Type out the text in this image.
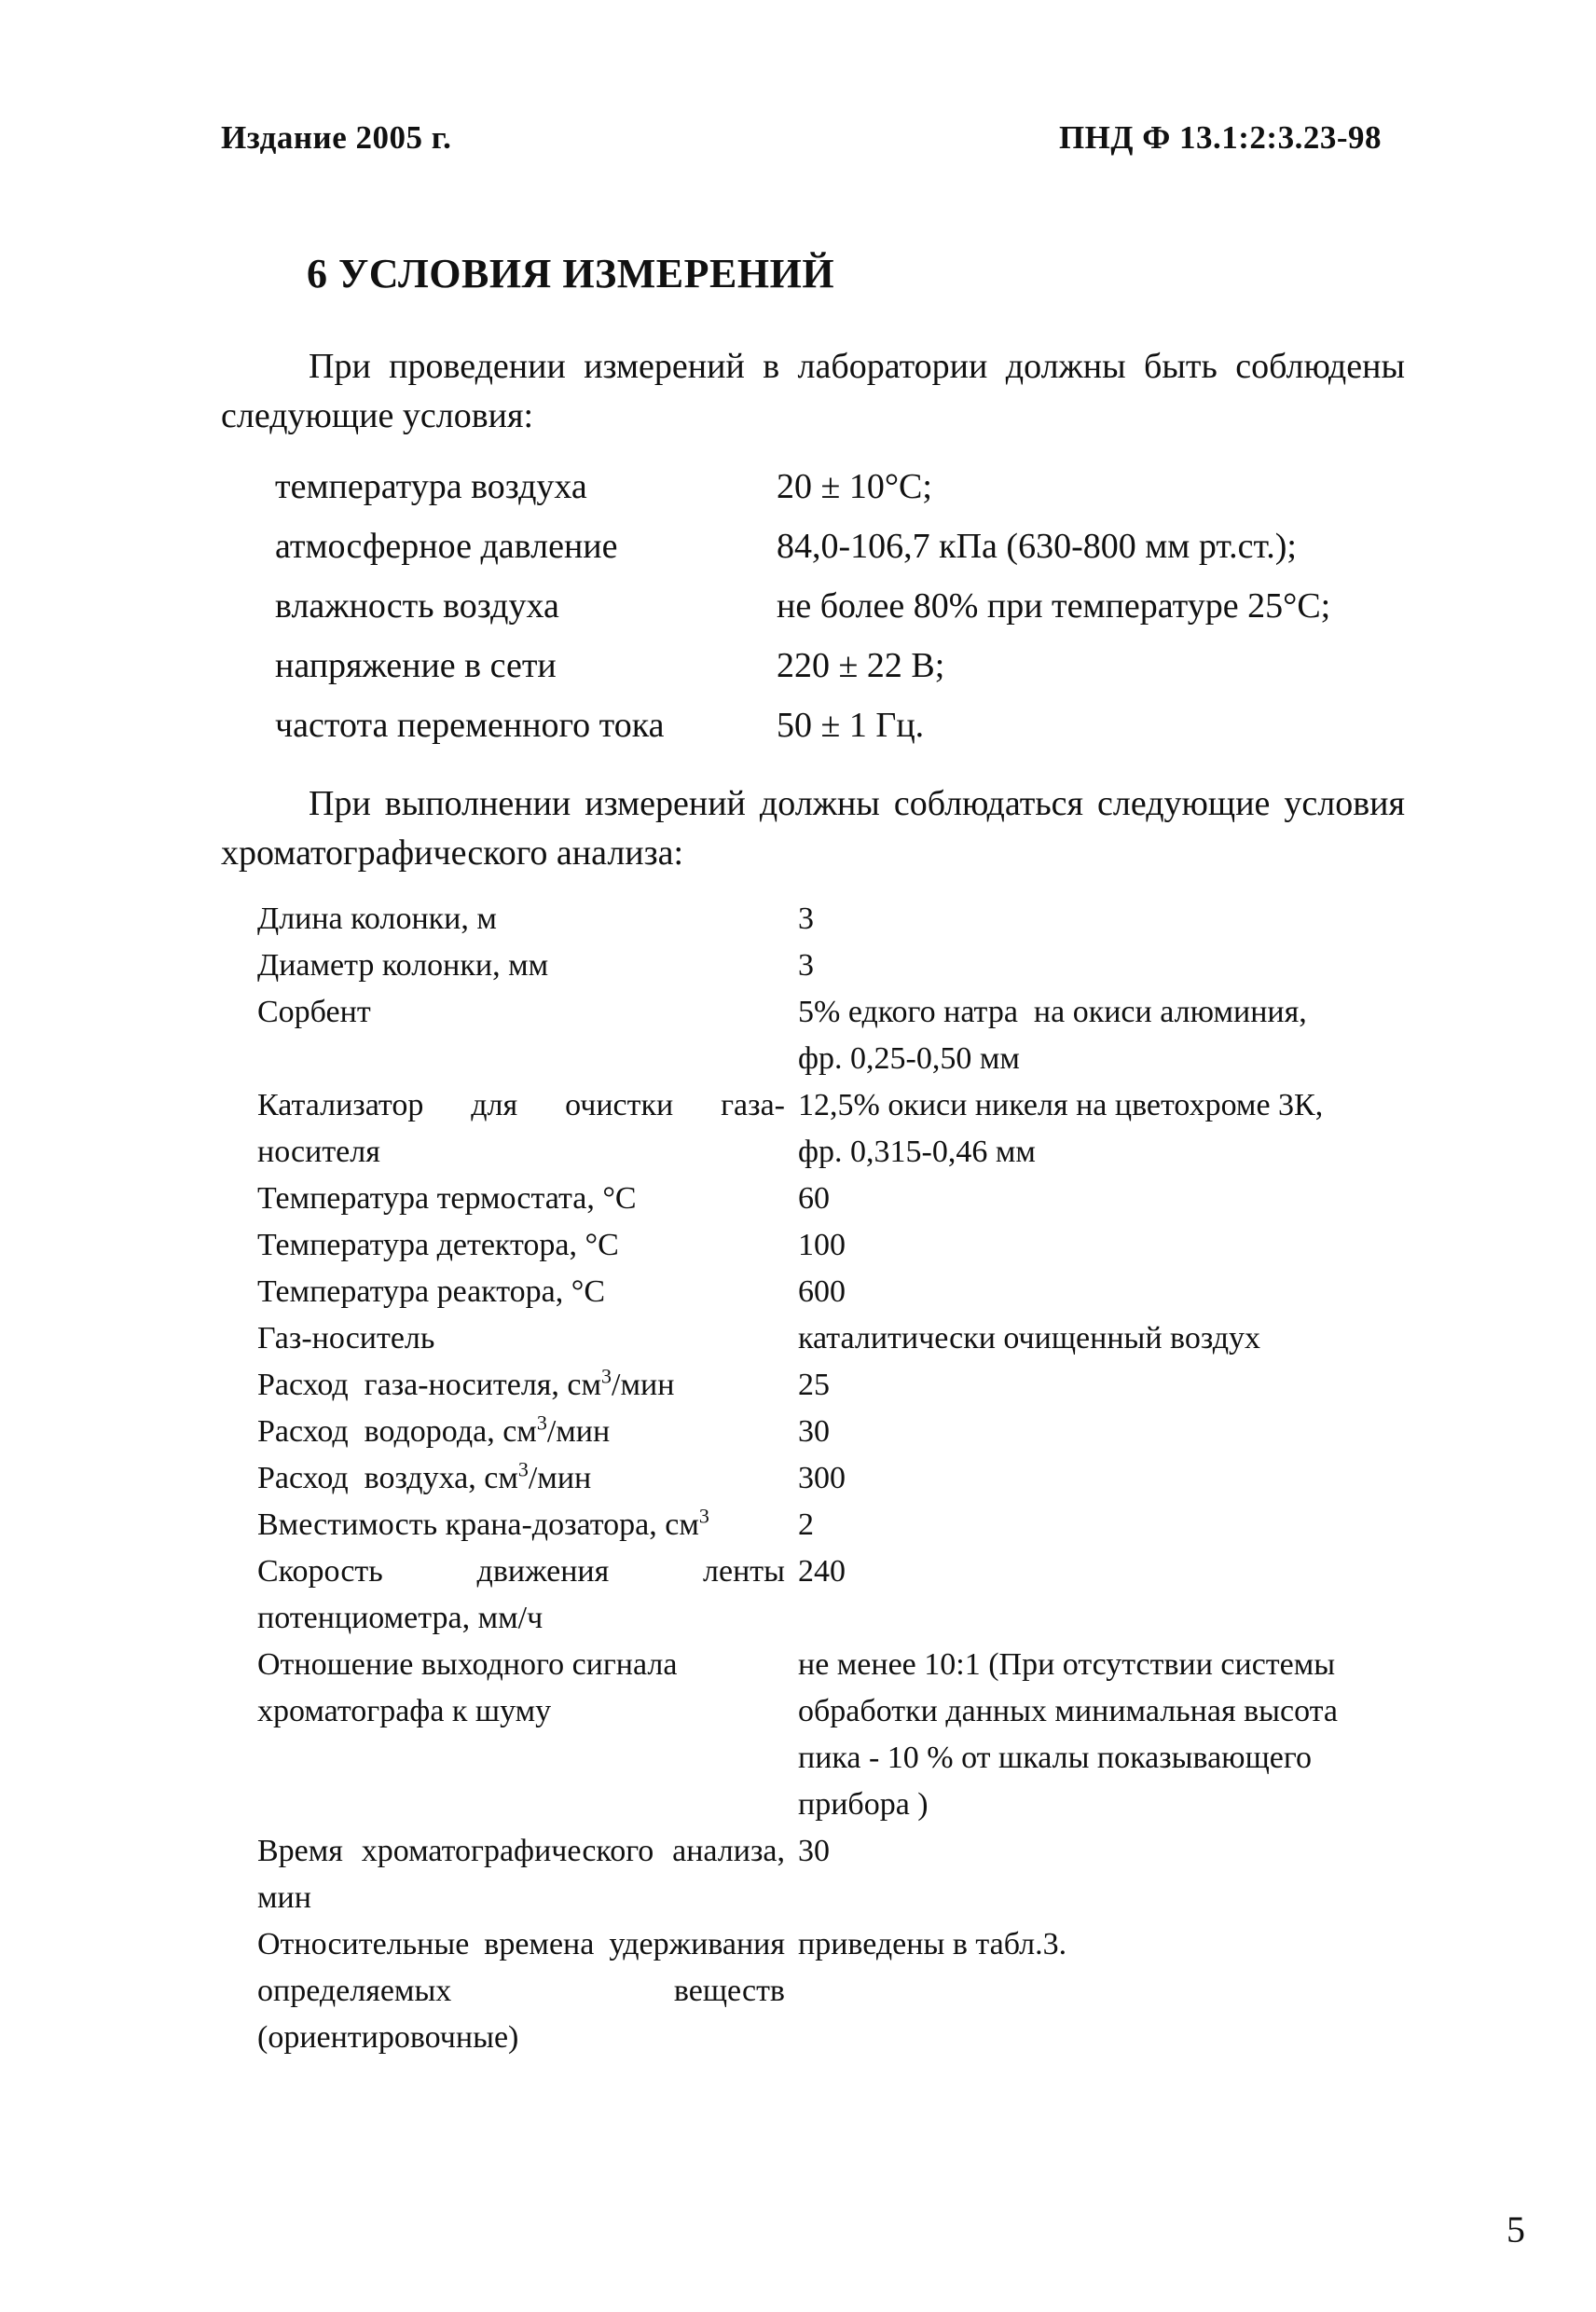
Издание 2005 г.	ПНД Ф 13.1:2:3.23-98
6 УСЛОВИЯ ИЗМЕРЕНИЙ
При проведении измерений в лаборатории должны быть соблюдены следующие условия:
температура воздуха	20 ± 10°С;
атмосферное давление	84,0-106,7 кПа (630-800 мм рт.ст.);
влажность воздуха	не более 80% при температуре 25°С;
напряжение в сети	220 ± 22 В;
частота переменного тока	50 ± 1 Гц.
При выполнении измерений должны соблюдаться следующие условия хроматографического анализа:
Длина колонки, м	3
Диаметр колонки, мм	3
Сорбент	5% едкого натра  на окиси алюминия,
фр. 0,25-0,50 мм

Катализатор для очистки газа-носителя	12,5% окиси никеля на цветохроме 3К,
фр. 0,315-0,46 мм

Температура термостата, °С	60
Температура детектора, °С	100
Температура реактора, °С	600
Газ-носитель	каталитически очищенный воздух
Расход  газа-носителя, $см^3$/мин	25
Расход  водорода, $см^3$/мин	30
Расход  воздуха, $см^3$/мин	300
Вместимость крана-дозатора, $см^3$	2
Скорость движения ленты потенциометра, мм/ч	240
Отношение выходного сигнала хроматографа к шуму	не менее 10:1 (При отсутствии системы обработки данных минимальная высота пика - 10 % от шкалы показывающего прибора )
Время хроматографического анализа, мин	30
Относительные времена удерживания определяемых веществ (ориентировочные)	приведены в табл.3.
5
